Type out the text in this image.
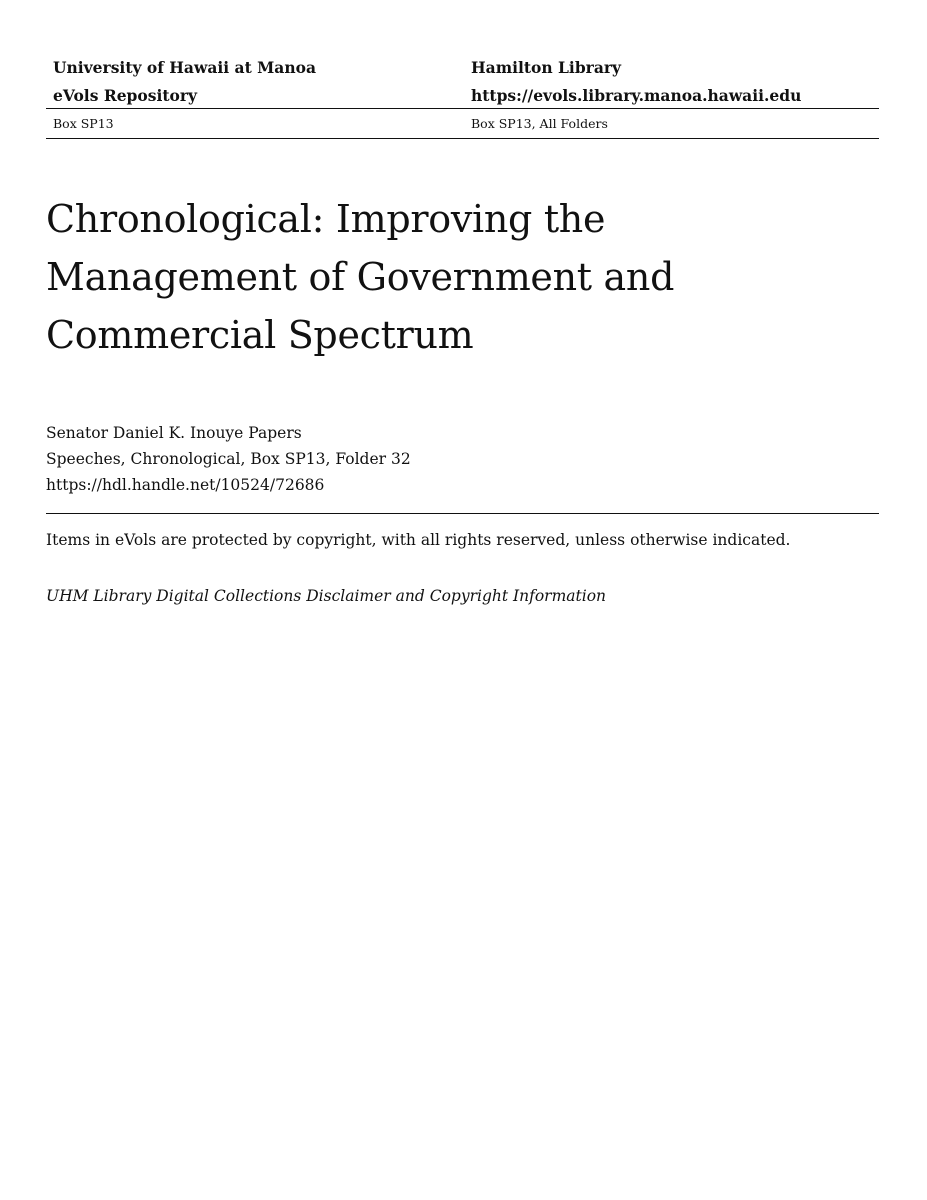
University of Hawaii at Manoa	Hamilton Library
eVols Repository	https://evols.library.manoa.hawaii.edu
Box SP13	Box SP13, All Folders
Chronological: Improving the
Management of Government and
Commercial Spectrum
Senator Daniel K. Inouye Papers
Speeches, Chronological, Box SP13, Folder 32
https://hdl.handle.net/10524/72686
Items in eVols are protected by copyright, with all rights reserved, unless otherwise indicated.
UHM Library Digital Collections Disclaimer and Copyright Information
